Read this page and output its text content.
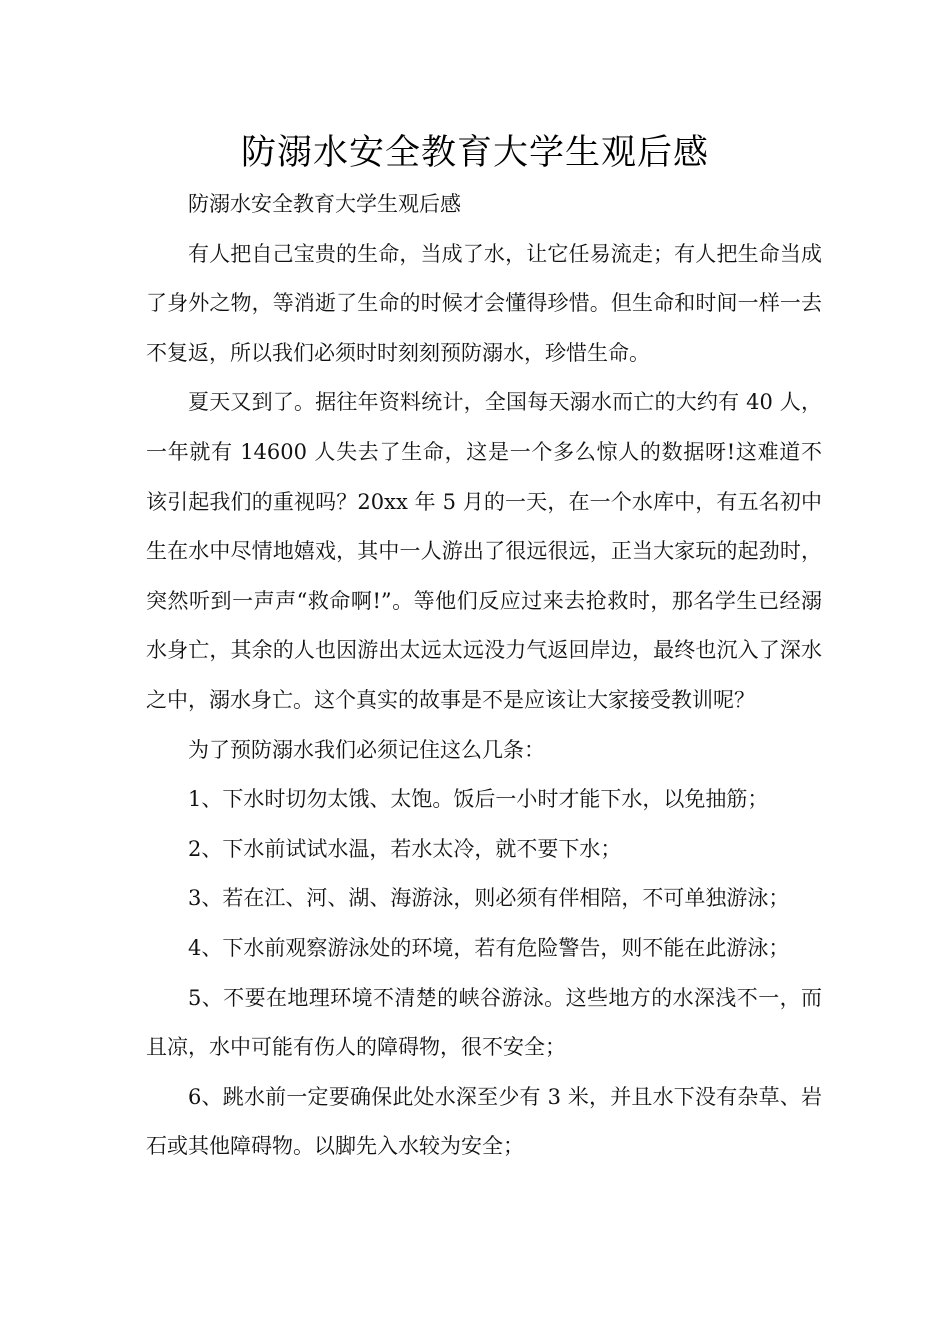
防溺水安全教育大学生观后感

防溺水安全教育大学生观后感

有人把自己宝贵的生命，当成了水，让它任易流走；有人把生命当成了身外之物，等消逝了生命的时候才会懂得珍惜。但生命和时间一样一去不复返，所以我们必须时时刻刻预防溺水，珍惜生命。

夏天又到了。据往年资料统计，全国每天溺水而亡的大约有 40 人，一年就有 14600 人失去了生命，这是一个多么惊人的数据呀!这难道不该引起我们的重视吗？20xx 年 5 月的一天，在一个水库中，有五名初中生在水中尽情地嬉戏，其中一人游出了很远很远，正当大家玩的起劲时，突然听到一声声“救命啊!”。等他们反应过来去抢救时，那名学生已经溺水身亡，其余的人也因游出太远太远没力气返回岸边，最终也沉入了深水之中，溺水身亡。这个真实的故事是不是应该让大家接受教训呢？

为了预防溺水我们必须记住这么几条：

1、下水时切勿太饿、太饱。饭后一小时才能下水，以免抽筋；

2、下水前试试水温，若水太冷，就不要下水；

3、若在江、河、湖、海游泳，则必须有伴相陪，不可单独游泳；

4、下水前观察游泳处的环境，若有危险警告，则不能在此游泳；

5、不要在地理环境不清楚的峡谷游泳。这些地方的水深浅不一，而且凉，水中可能有伤人的障碍物，很不安全；

6、跳水前一定要确保此处水深至少有 3 米，并且水下没有杂草、岩石或其他障碍物。以脚先入水较为安全；
